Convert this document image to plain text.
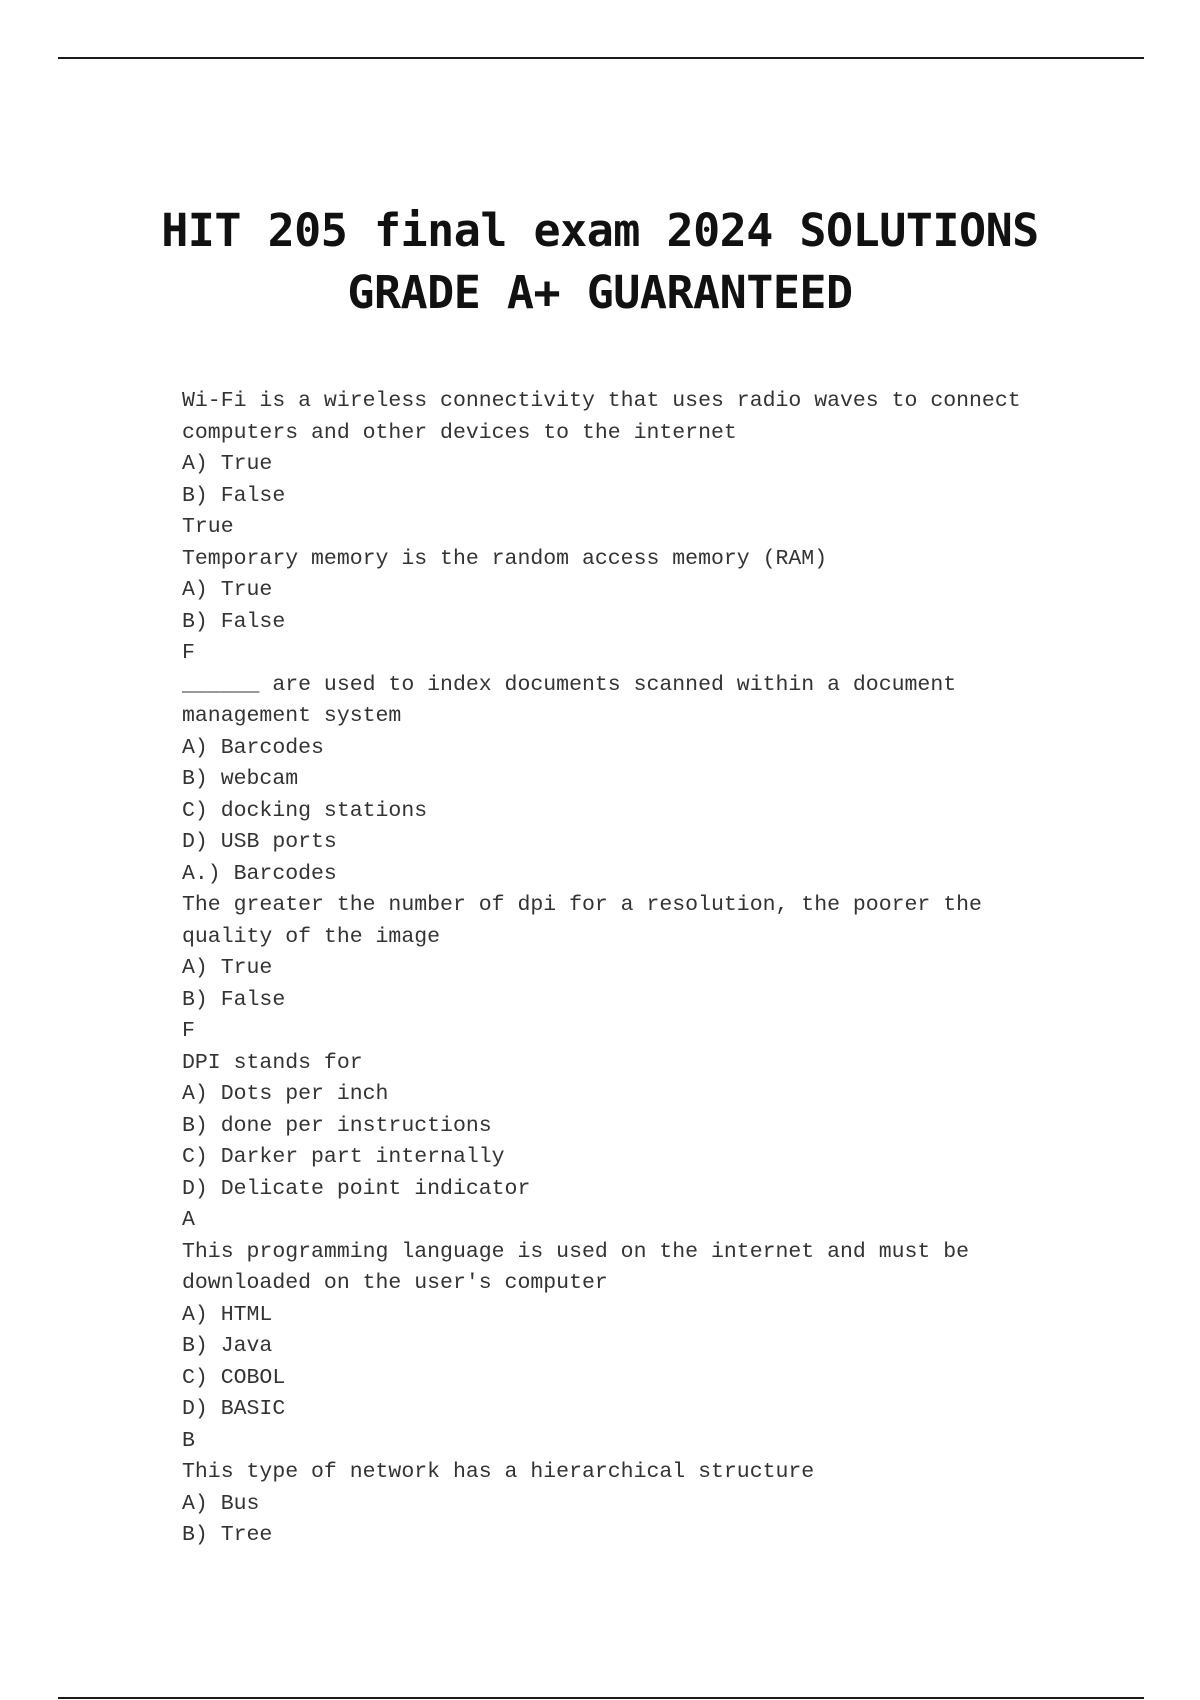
HIT 205 final exam 2024 SOLUTIONS
GRADE A+ GUARANTEED
Wi-Fi is a wireless connectivity that uses radio waves to connect
computers and other devices to the internet
A) True
B) False
True
Temporary memory is the random access memory (RAM)
A) True
B) False
F
______ are used to index documents scanned within a document
management system
A) Barcodes
B) webcam
C) docking stations
D) USB ports
A.) Barcodes
The greater the number of dpi for a resolution, the poorer the
quality of the image
A) True
B) False
F
DPI stands for
A) Dots per inch
B) done per instructions
C) Darker part internally
D) Delicate point indicator
A
This programming language is used on the internet and must be
downloaded on the user's computer
A) HTML
B) Java
C) COBOL
D) BASIC
B
This type of network has a hierarchical structure
A) Bus
B) Tree
